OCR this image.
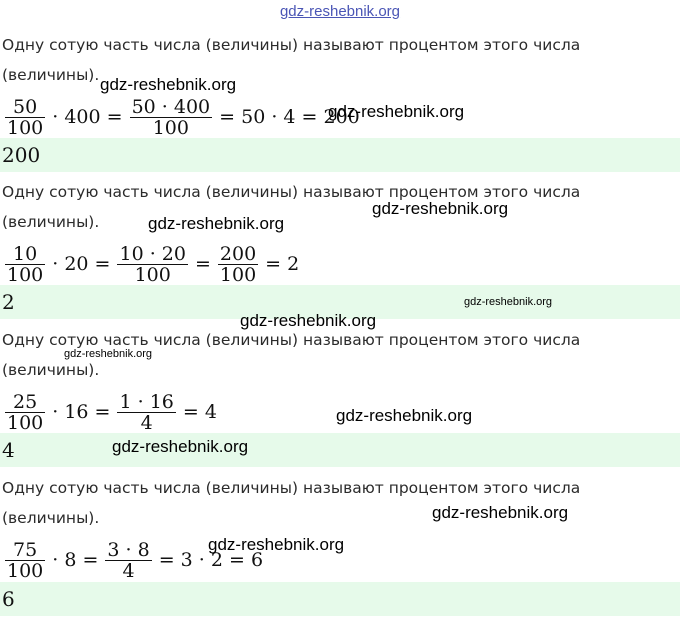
gdz-reshebnik.org
Одну сотую часть числа (величины) называют процентом этого числа
(величины).
$\frac{50}{100} \cdot 400 = \frac{50 \cdot 400}{100} = 50 \cdot 4 = 200$
200
Одну сотую часть числа (величины) называют процентом этого числа
(величины).
$\frac{10}{100} \cdot 20 = \frac{10 \cdot 20}{100} = \frac{200}{100} = 2$
2
Одну сотую часть числа (величины) называют процентом этого числа
(величины).
$\frac{25}{100} \cdot 16 = \frac{1 \cdot 16}{4} = 4$
4
Одну сотую часть числа (величины) называют процентом этого числа
(величины).
$\frac{75}{100} \cdot 8 = \frac{3 \cdot 8}{4} = 3 \cdot 2 = 6$
6
gdz-reshebnik.org
gdz-reshebnik.org
gdz-reshebnik.org
gdz-reshebnik.org
gdz-reshebnik.org
gdz-reshebnik.org
gdz-reshebnik.org
gdz-reshebnik.org
gdz-reshebnik.org
gdz-reshebnik.org
gdz-reshebnik.org
